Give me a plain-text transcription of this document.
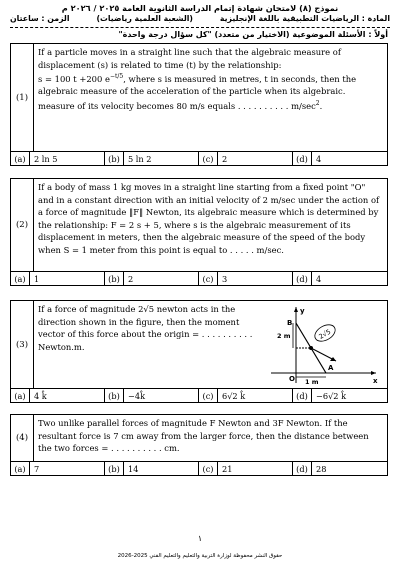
نموذج (٨) لامتحان شهادة إتمام الدراسة الثانوية العامة ٢٠٢٥ / ٢٠٢٦ م
المادة : الرياضيات التطبيقية باللغة الإنجليزية
(الشعبة العلمية رياضيات)
الزمن : ساعتان
أولاً : الأسئلة الموضوعية (الاختيار من متعدد) "كل سؤال درجة واحدة"
(1)
If a particle moves in a straight line such that the algebraic measure of displacement (s) is related to time (t) by the relationship:
s = 100 t +200 $e^{-t/5}$, where s is measured in metres, t in seconds, then the algebraic measure of the acceleration of the particle when its algebraic. measure of its velocity becomes 80 m/s equals . . . . . . . . . . $m/\sec^2$.
(a)	2 ln 5	(b) 5 ln 2	(c)	2	(d) 4
(2)
If a body of mass 1 kg moves in a straight line starting from a fixed point "O" and in a constant direction with an initial velocity of 2 m/sec under the action of a force of magnitude ‖F‖ Newton, its algebraic measure which is determined by the relationship: F = 2 s + 5, where s is the algebraic measurement of its displacement in meters, then the algebraic measure of the speed of the body when S = 1 meter from this point is equal to . . . . . m/sec.
(a)	1	(b) 2	(c)	3	(d) 4
(3)
If a force of magnitude 2√5 newton acts in the direction shown in the figure, then the moment vector of this force about the origin = . . . . . . . . . . Newton.m.
y
x
O
A
B
2 m
1 m
2√5
(a)	4 k̂	(b) −4k̂	(c)	6√2 k̂	(d) −6√2 k̂
(4)
Two unlike parallel forces of magnitude F Newton and 3F Newton. If the resultant force is 7 cm away from the larger force, then the distance between the two forces = . . . . . . . . . . cm.
(a)	7	(b) 14	(c)	21	(d) 28
١
حقوق النشر محفوظة لوزارة التربية والتعليم والتعليم الفني 2025-2026
